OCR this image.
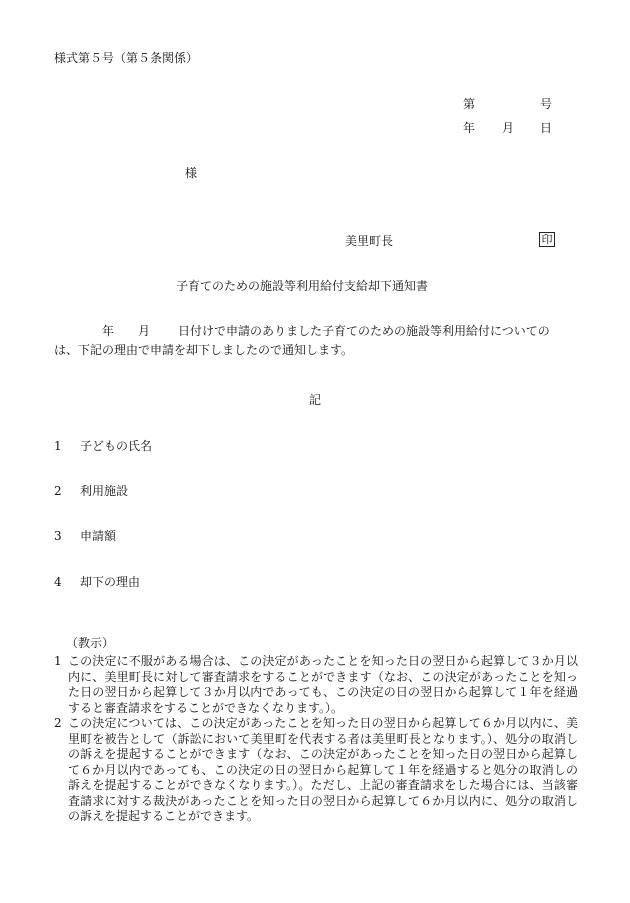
様式第５号（第５条関係）
第	号
年 月 日
様
美里町長	印
子育てのための施設等利用給付支給却下通知書
年 月 日付けで申請のありました子育てのための施設等利用給付についての
は、下記の理由で申請を却下しましたので通知します。
記
1 子どもの氏名
2 利用施設
3 申請額
4 却下の理由
（教示）
1 この決定に不服がある場合は、この決定があったことを知った日の翌日から起算して３か月以内に、美里町長に対して審査請求をすることができます（なお、この決定があったことを知った日の翌日から起算して３か月以内であっても、この決定の日の翌日から起算して１年を経過すると審査請求をすることができなくなります。）。
2 この決定については、この決定があったことを知った日の翌日から起算して６か月以内に、美里町を被告として（訴訟において美里町を代表する者は美里町長となります。）、処分の取消しの訴えを提起することができます（なお、この決定があったことを知った日の翌日から起算して６か月以内であっても、この決定の日の翌日から起算して１年を経過すると処分の取消しの訴えを提起することができなくなります。）。ただし、上記の審査請求をした場合には、当該審査請求に対する裁決があったことを知った日の翌日から起算して６か月以内に、処分の取消しの訴えを提起することができます。
